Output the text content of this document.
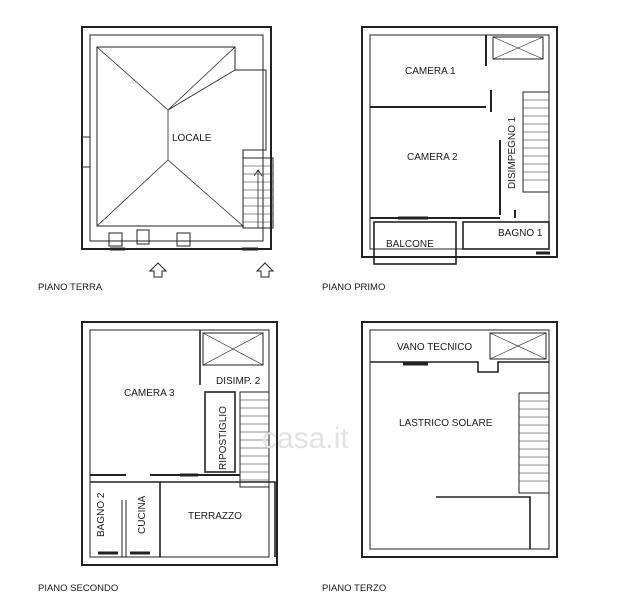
casa.it
LOCALE
CAMERA 1
CAMERA 2	DISIMPEGNO 1
BALCONE
BAGNO 1
CAMERA 3
DISIMP. 2
RIPOSTIGLIO
TERRAZZO
BAGNO 2	CUCINA
VANO TECNICO
LASTRICO SOLARE
PIANO TERRA	PIANO PRIMO
PIANO SECONDO	PIANO TERZO
